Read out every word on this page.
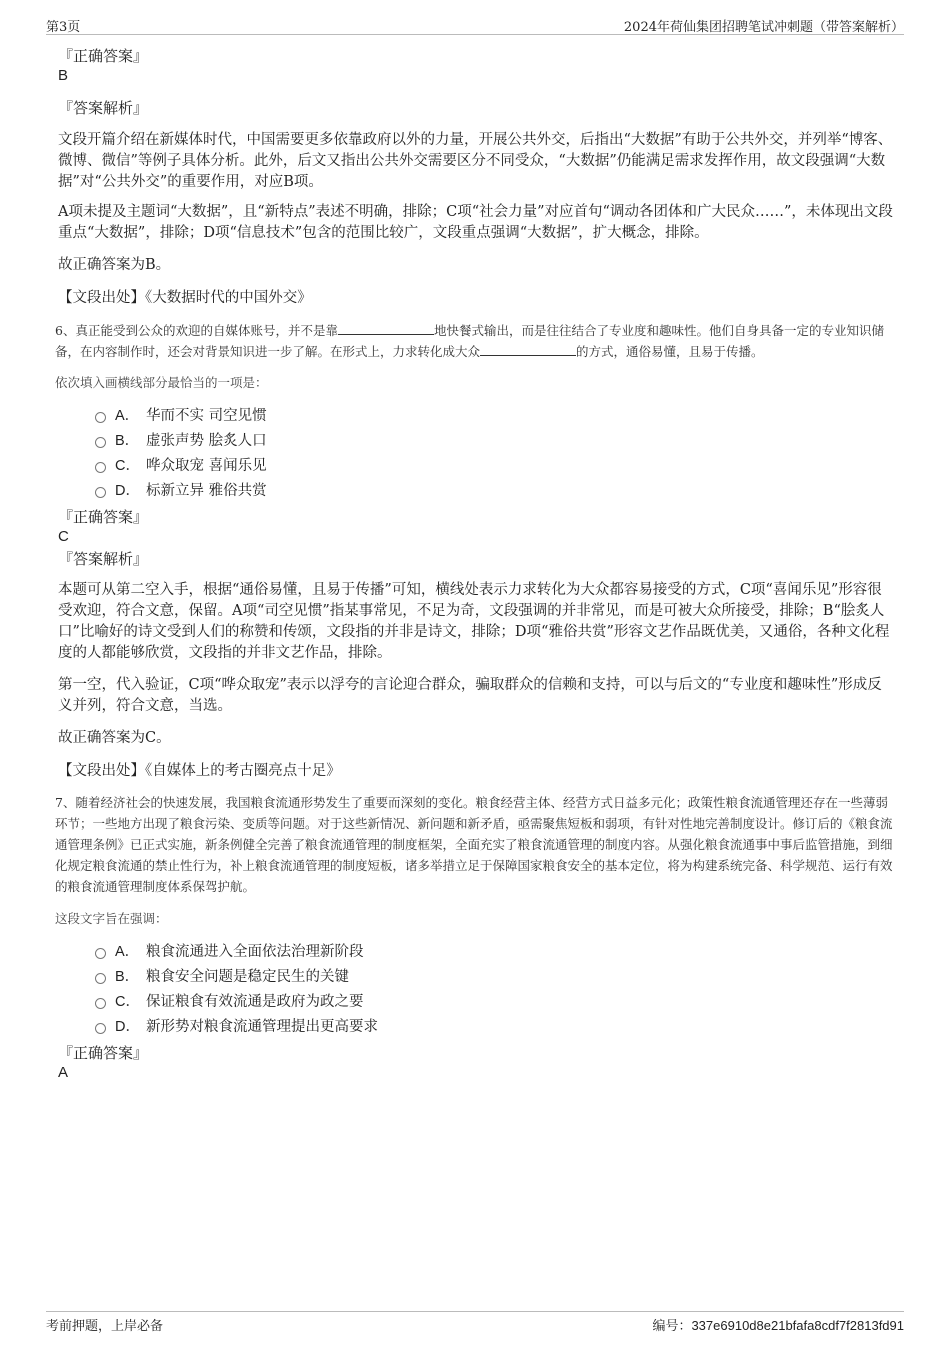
第3页	2024年荷仙集团招聘笔试冲刺题（带答案解析）
『正确答案』
B
『答案解析』

文段开篇介绍在新媒体时代，中国需要更多依靠政府以外的力量，开展公共外交，后指出“大数据”有助于公共外交，并列举“博客、微博、微信”等例子具体分析。此外，后文又指出公共外交需要区分不同受众，“大数据”仍能满足需求发挥作用，故文段强调“大数据”对“公共外交”的重要作用，对应B项。

A项未提及主题词“大数据”，且“新特点”表述不明确，排除；C项“社会力量”对应首句“调动各团体和广大民众……”，未体现出文段重点“大数据”，排除；D项“信息技术”包含的范围比较广，文段重点强调“大数据”，扩大概念，排除。

故正确答案为B。

【文段出处】《大数据时代的中国外交》

6、真正能受到公众的欢迎的自媒体账号，并不是靠	地快餐式输出，而是往往结合了专业度和趣味性。他们自身具备一定的专业知识储备，在内容制作时，还会对背景知识进一步了解。在形式上，力求转化成大众	的方式，通俗易懂，且易于传播。

依次填入画横线部分最恰当的一项是：

A． 华而不实 司空见惯
B． 虚张声势 脍炙人口
C． 哗众取宠 喜闻乐见
D． 标新立异 雅俗共赏
『正确答案』
C
『答案解析』

本题可从第二空入手，根据“通俗易懂，且易于传播”可知，横线处表示力求转化为大众都容易接受的方式，C项“喜闻乐见”形容很受欢迎，符合文意，保留。A项“司空见惯”指某事常见，不足为奇，文段强调的并非常见，而是可被大众所接受，排除；B“脍炙人口”比喻好的诗文受到人们的称赞和传颂，文段指的并非是诗文，排除；D项“雅俗共赏”形容文艺作品既优美，又通俗，各种文化程度的人都能够欣赏，文段指的并非文艺作品，排除。

第一空，代入验证，C项“哗众取宠”表示以浮夸的言论迎合群众，骗取群众的信赖和支持，可以与后文的“专业度和趣味性”形成反义并列，符合文意，当选。

故正确答案为C。

【文段出处】《自媒体上的考古圈亮点十足》

7、随着经济社会的快速发展，我国粮食流通形势发生了重要而深刻的变化。粮食经营主体、经营方式日益多元化；政策性粮食流通管理还存在一些薄弱环节；一些地方出现了粮食污染、变质等问题。对于这些新情况、新问题和新矛盾，亟需聚焦短板和弱项，有针对性地完善制度设计。修订后的《粮食流通管理条例》已正式实施，新条例健全完善了粮食流通管理的制度框架，全面充实了粮食流通管理的制度内容。从强化粮食流通事中事后监管措施，到细化规定粮食流通的禁止性行为，补上粮食流通管理的制度短板，诸多举措立足于保障国家粮食安全的基本定位，将为构建系统完备、科学规范、运行有效的粮食流通管理制度体系保驾护航。

这段文字旨在强调：

A． 粮食流通进入全面依法治理新阶段
B． 粮食安全问题是稳定民生的关键
C． 保证粮食有效流通是政府为政之要
D． 新形势对粮食流通管理提出更高要求
『正确答案』
A
考前押题，上岸必备	编号：337e6910d8e21bfafa8cdf7f2813fd91
